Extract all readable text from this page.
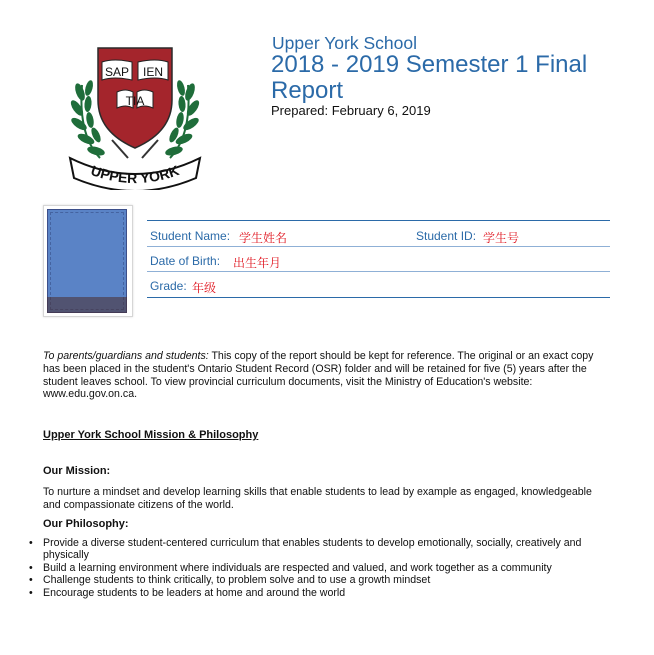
SAP IEN
TIA
UPPER YORK
Upper York School
2018 - 2019 Semester 1 Final Report
Prepared: February 6, 2019
Student Name: 学生姓名	Student ID: 学生号
Date of Birth: 出生年月
Grade: 年级
To parents/guardians and students: This copy of the report should be kept for reference. The original or an exact copy has been placed in the student's Ontario Student Record (OSR) folder and will be retained for five (5) years after the student leaves school. To view provincial curriculum documents, visit the Ministry of Education's website: www.edu.gov.on.ca.
Upper York School Mission & Philosophy
Our Mission:
To nurture a mindset and develop learning skills that enable students to lead by example as engaged, knowledgeable and compassionate citizens of the world.
Our Philosophy:
• Provide a diverse student-centered curriculum that enables students to develop emotionally, socially, creatively and physically
• Build a learning environment where individuals are respected and valued, and work together as a community
• Challenge students to think critically, to problem solve and to use a growth mindset
• Encourage students to be leaders at home and around the world
